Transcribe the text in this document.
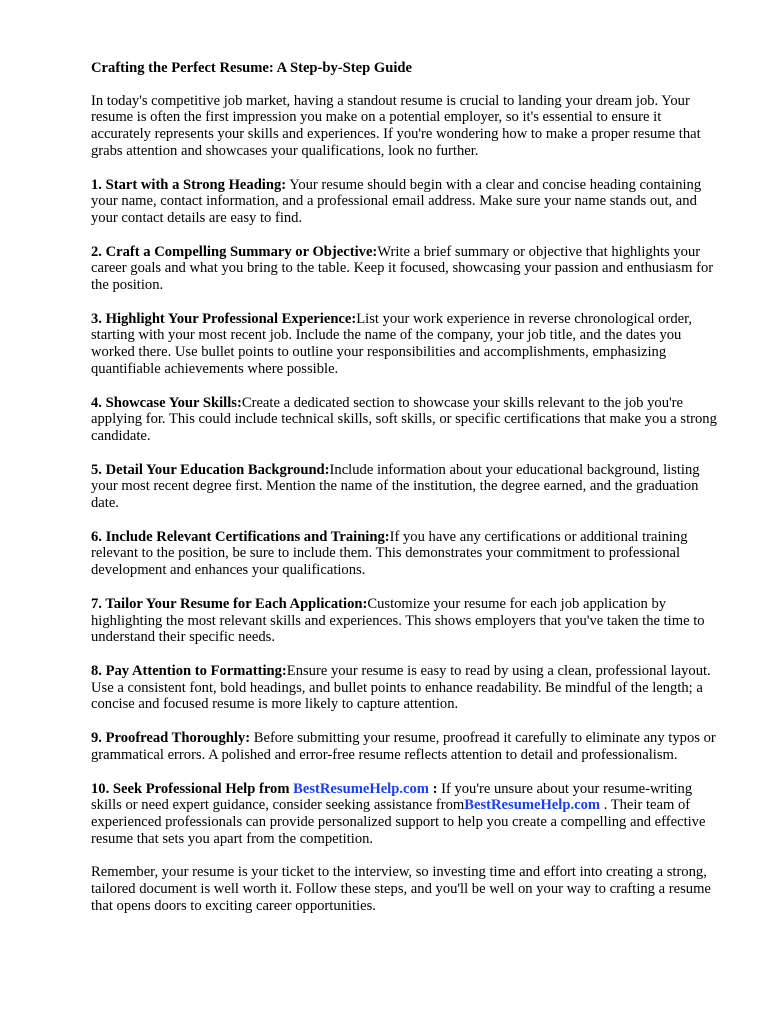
Crafting the Perfect Resume: A Step-by-Step Guide

In today's competitive job market, having a standout resume is crucial to landing your dream job. Your resume is often the first impression you make on a potential employer, so it's essential to ensure it accurately represents your skills and experiences. If you're wondering how to make a proper resume that grabs attention and showcases your qualifications, look no further.

1. Start with a Strong Heading: Your resume should begin with a clear and concise heading containing your name, contact information, and a professional email address. Make sure your name stands out, and your contact details are easy to find.

2. Craft a Compelling Summary or Objective:Write a brief summary or objective that highlights your career goals and what you bring to the table. Keep it focused, showcasing your passion and enthusiasm for the position.

3. Highlight Your Professional Experience:List your work experience in reverse chronological order, starting with your most recent job. Include the name of the company, your job title, and the dates you worked there. Use bullet points to outline your responsibilities and accomplishments, emphasizing quantifiable achievements where possible.

4. Showcase Your Skills:Create a dedicated section to showcase your skills relevant to the job you're applying for. This could include technical skills, soft skills, or specific certifications that make you a strong candidate.

5. Detail Your Education Background:Include information about your educational background, listing your most recent degree first. Mention the name of the institution, the degree earned, and the graduation date.

6. Include Relevant Certifications and Training:If you have any certifications or additional training relevant to the position, be sure to include them. This demonstrates your commitment to professional development and enhances your qualifications.

7. Tailor Your Resume for Each Application:Customize your resume for each job application by highlighting the most relevant skills and experiences. This shows employers that you've taken the time to understand their specific needs.

8. Pay Attention to Formatting:Ensure your resume is easy to read by using a clean, professional layout. Use a consistent font, bold headings, and bullet points to enhance readability. Be mindful of the length; a concise and focused resume is more likely to capture attention.

9. Proofread Thoroughly: Before submitting your resume, proofread it carefully to eliminate any typos or grammatical errors. A polished and error-free resume reflects attention to detail and professionalism.

10. Seek Professional Help from BestResumeHelp.com : If you're unsure about your resume-writing skills or need expert guidance, consider seeking assistance fromBestResumeHelp.com . Their team of experienced professionals can provide personalized support to help you create a compelling and effective resume that sets you apart from the competition.

Remember, your resume is your ticket to the interview, so investing time and effort into creating a strong, tailored document is well worth it. Follow these steps, and you'll be well on your way to crafting a resume that opens doors to exciting career opportunities.
